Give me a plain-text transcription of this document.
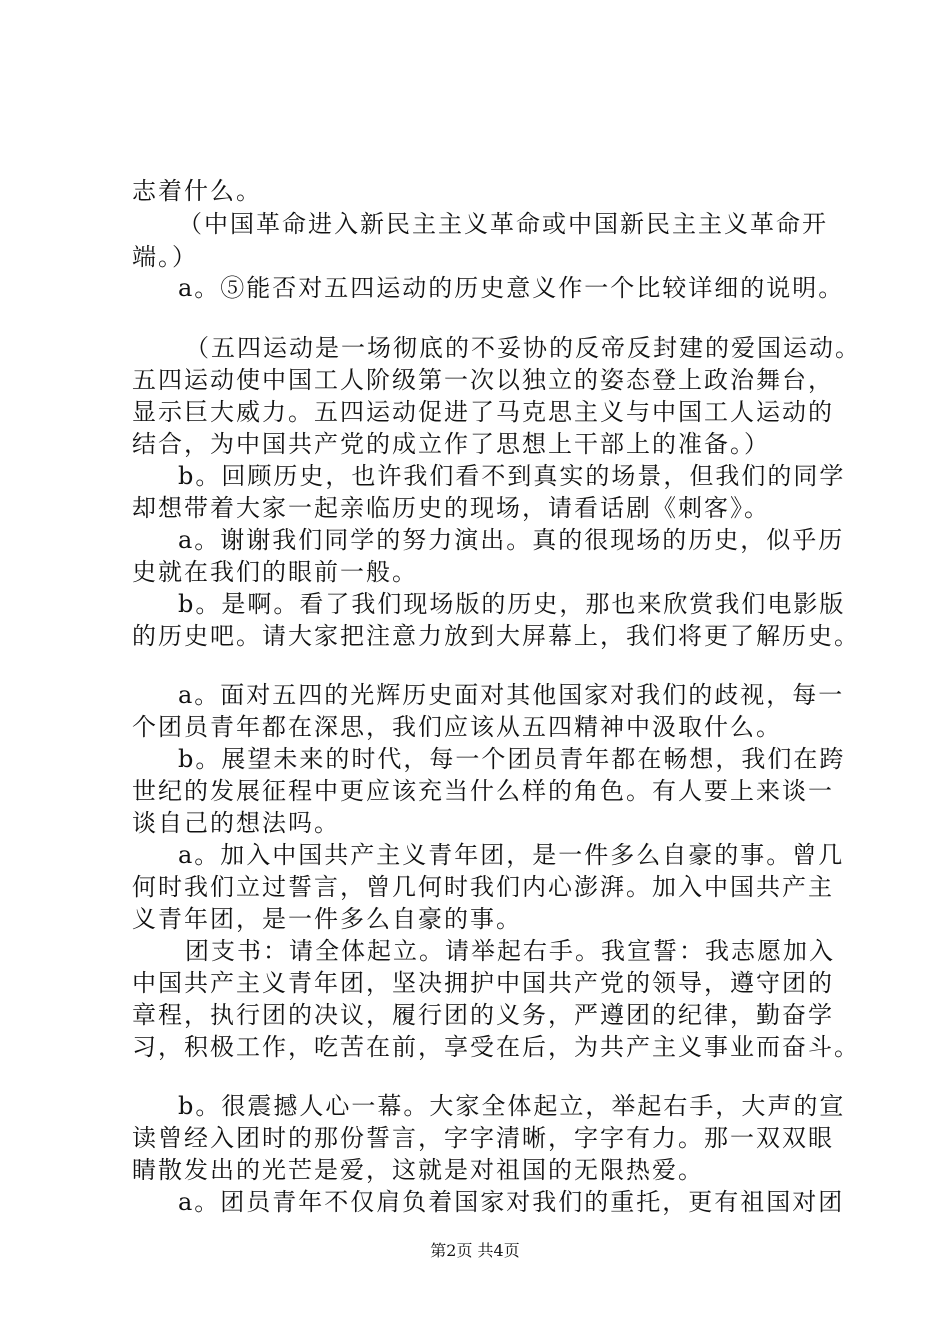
志着什么。
（中国革命进入新民主主义革命或中国新民主主义革命开
端。）
a。⑤能否对五四运动的历史意义作一个比较详细的说明。
（五四运动是一场彻底的不妥协的反帝反封建的爱国运动。
五四运动使中国工人阶级第一次以独立的姿态登上政治舞台，
显示巨大威力。五四运动促进了马克思主义与中国工人运动的
结合，为中国共产党的成立作了思想上干部上的准备。）
b。回顾历史，也许我们看不到真实的场景，但我们的同学
却想带着大家一起亲临历史的现场，请看话剧《刺客》。
a。谢谢我们同学的努力演出。真的很现场的历史，似乎历
史就在我们的眼前一般。
b。是啊。看了我们现场版的历史，那也来欣赏我们电影版
的历史吧。请大家把注意力放到大屏幕上，我们将更了解历史。
a。面对五四的光辉历史面对其他国家对我们的歧视，每一
个团员青年都在深思，我们应该从五四精神中汲取什么。
b。展望未来的时代，每一个团员青年都在畅想，我们在跨
世纪的发展征程中更应该充当什么样的角色。有人要上来谈一
谈自己的想法吗。
a。加入中国共产主义青年团，是一件多么自豪的事。曾几
何时我们立过誓言，曾几何时我们内心澎湃。加入中国共产主
义青年团，是一件多么自豪的事。
团支书：请全体起立。请举起右手。我宣誓：我志愿加入
中国共产主义青年团，坚决拥护中国共产党的领导，遵守团的
章程，执行团的决议，履行团的义务，严遵团的纪律，勤奋学
习，积极工作，吃苦在前，享受在后，为共产主义事业而奋斗。
b。很震撼人心一幕。大家全体起立，举起右手，大声的宣
读曾经入团时的那份誓言，字字清晰，字字有力。那一双双眼
睛散发出的光芒是爱，这就是对祖国的无限热爱。
a。团员青年不仅肩负着国家对我们的重托，更有祖国对团
第2页 共4页
